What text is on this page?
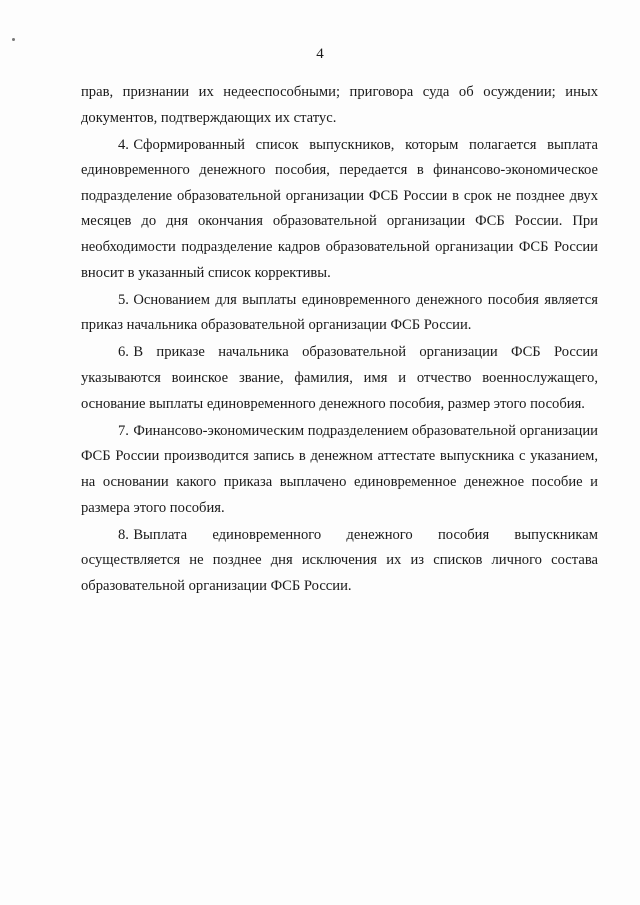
4

прав, признании их недееспособными; приговора суда об осуждении; иных документов, подтверждающих их статус.

4. Сформированный список выпускников, которым полагается выплата единовременного денежного пособия, передается в финансово-экономическое подразделение образовательной организации ФСБ России в срок не позднее двух месяцев до дня окончания образовательной организации ФСБ России. При необходимости подразделение кадров образовательной организации ФСБ России вносит в указанный список коррективы.

5. Основанием для выплаты единовременного денежного пособия является приказ начальника образовательной организации ФСБ России.

6. В приказе начальника образовательной организации ФСБ России указываются воинское звание, фамилия, имя и отчество военнослужащего, основание выплаты единовременного денежного пособия, размер этого пособия.

7. Финансово-экономическим подразделением образовательной организации ФСБ России производится запись в денежном аттестате выпускника с указанием, на основании какого приказа выплачено единовременное денежное пособие и размера этого пособия.

8. Выплата единовременного денежного пособия выпускникам осуществляется не позднее дня исключения их из списков личного состава образовательной организации ФСБ России.
